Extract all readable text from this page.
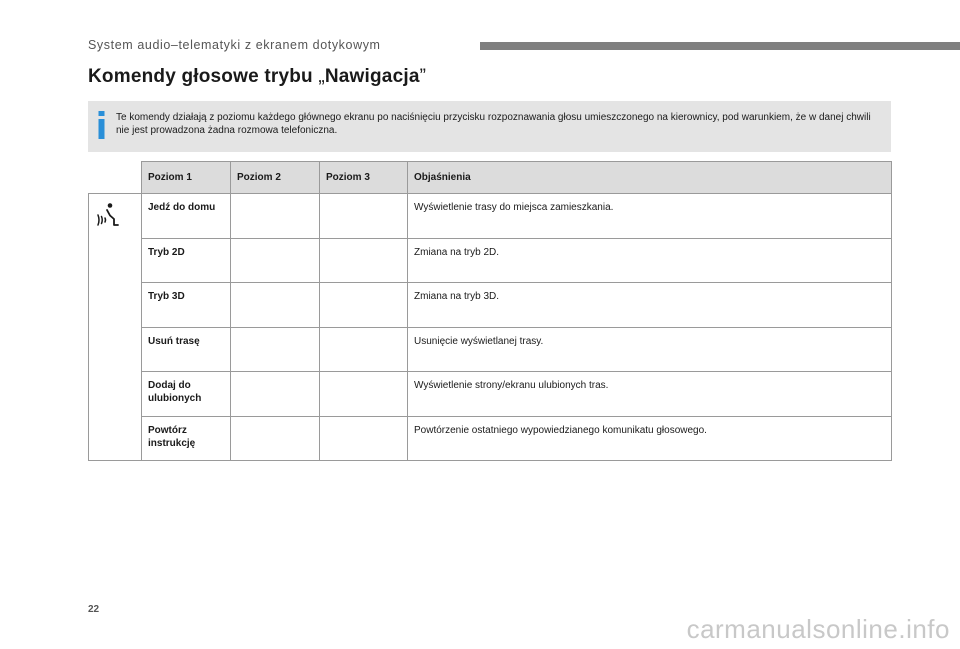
System audio–telematyki z ekranem dotykowym
Komendy głosowe trybu „Nawigacja”

Te komendy działają z poziomu każdego głównego ekranu po naciśnięciu przycisku rozpoznawania głosu umieszczonego na kierownicy, pod warunkiem, że w danej chwili nie jest prowadzona żadna rozmowa telefoniczna.

	Poziom 1	Poziom 2	Poziom 3	Objaśnienia
	Jedź do domu			Wyświetlenie trasy do miejsca zamieszkania.
	Tryb 2D			Zmiana na tryb 2D.
	Tryb 3D			Zmiana na tryb 3D.
	Usuń trasę			Usunięcie wyświetlanej trasy.
	Dodaj do ulubionych			Wyświetlenie strony/ekranu ulubionych tras.
	Powtórz instrukcję			Powtórzenie ostatniego wypowiedzianego komunikatu głosowego.
22
carmanualsonline.info
